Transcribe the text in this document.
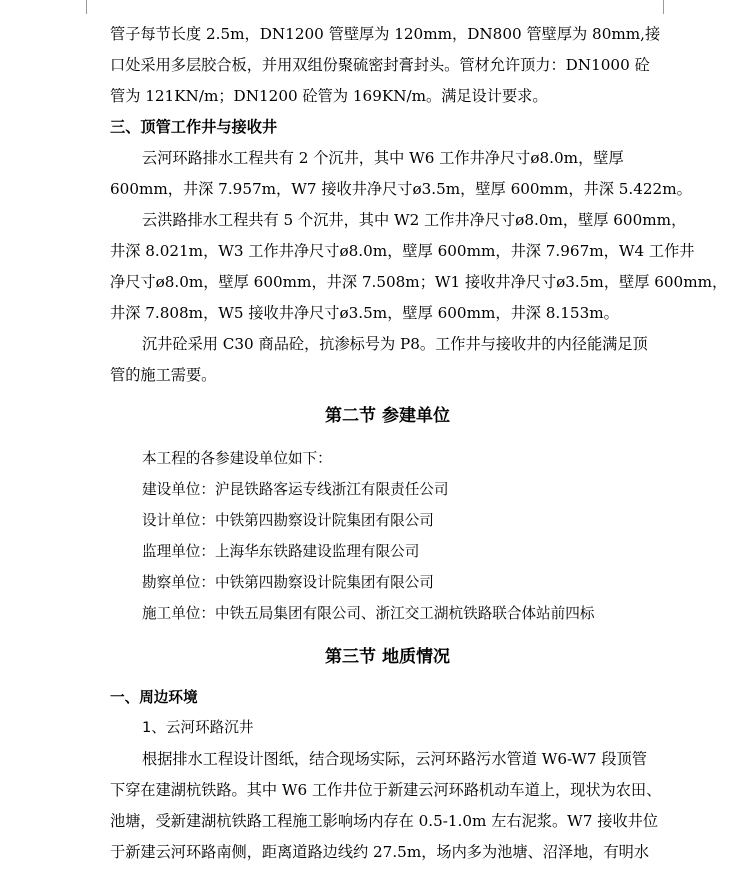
管子每节长度 2.5m，DN1200 管壁厚为 120mm，DN800 管壁厚为 80mm,接
口处采用多层胶合板，并用双组份聚硫密封膏封头。管材允许顶力：DN1000 砼
管为 121KN/m；DN1200 砼管为 169KN/m。满足设计要求。
三、顶管工作井与接收井
云河环路排水工程共有 2 个沉井，其中 W6 工作井净尺寸ø8.0m，壁厚
600mm，井深 7.957m，W7 接收井净尺寸ø3.5m，壁厚 600mm，井深 5.422m。
云洪路排水工程共有 5 个沉井，其中 W2 工作井净尺寸ø8.0m，壁厚 600mm，
井深 8.021m，W3 工作井净尺寸ø8.0m，壁厚 600mm，井深 7.967m，W4 工作井
净尺寸ø8.0m，壁厚 600mm，井深 7.508m；W1 接收井净尺寸ø3.5m，壁厚 600mm，
井深 7.808m，W5 接收井净尺寸ø3.5m，壁厚 600mm，井深 8.153m。
沉井砼采用 C30 商品砼，抗渗标号为 P8。工作井与接收井的内径能满足顶
管的施工需要。
第二节 参建单位
本工程的各参建设单位如下：
建设单位：沪昆铁路客运专线浙江有限责任公司
设计单位：中铁第四勘察设计院集团有限公司
监理单位：上海华东铁路建设监理有限公司
勘察单位：中铁第四勘察设计院集团有限公司
施工单位：中铁五局集团有限公司、浙江交工湖杭铁路联合体站前四标
第三节 地质情况
一、周边环境
1、云河环路沉井
根据排水工程设计图纸，结合现场实际，云河环路污水管道 W6-W7 段顶管
下穿在建湖杭铁路。其中 W6 工作井位于新建云河环路机动车道上，现状为农田、
池塘，受新建湖杭铁路工程施工影响场内存在 0.5-1.0m 左右泥浆。W7 接收井位
于新建云河环路南侧，距离道路边线约 27.5m，场内多为池塘、沼泽地，有明水
